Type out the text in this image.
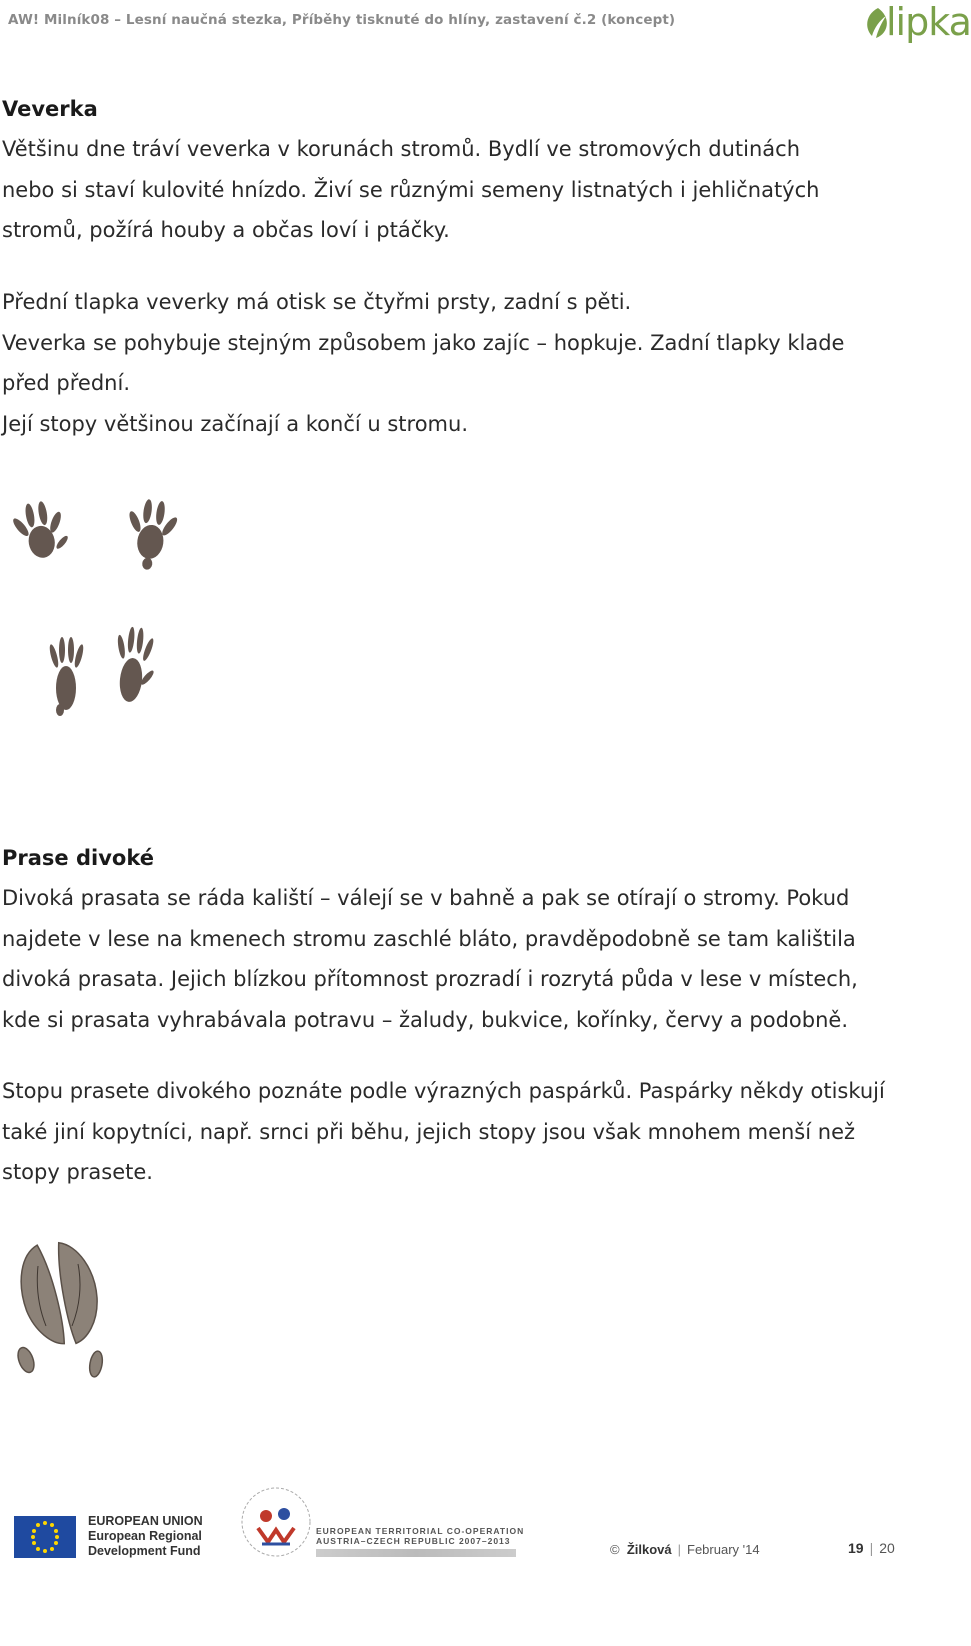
AW! Milník08 – Lesní naučná stezka, Příběhy tisknuté do hlíny, zastavení č.2 (koncept)	lipka
Veverka

Většinu dne tráví veverka v korunách stromů. Bydlí ve stromových dutinách

nebo si staví kulovité hnízdo. Živí se různými semeny listnatých i jehličnatých

stromů, požírá houby a občas loví i ptáčky.

Přední tlapka veverky má otisk se čtyřmi prsty, zadní s pěti.

Veverka se pohybuje stejným způsobem jako zajíc – hopkuje. Zadní tlapky klade

před přední.

Její stopy většinou začínají a končí u stromu.

Prase divoké

Divoká prasata se ráda kaliští – válejí se v bahně a pak se otírají o stromy. Pokud

najdete v lese na kmenech stromu zaschlé bláto, pravděpodobně se tam kalištila

divoká prasata. Jejich blízkou přítomnost prozradí i rozrytá půda v lese v místech,

kde si prasata vyhrabávala potravu – žaludy, bukvice, kořínky, červy a podobně.

Stopu prasete divokého poznáte podle výrazných paspárků. Paspárky někdy otiskují

také jiní kopytníci, např. srnci při běhu, jejich stopy jsou však mnohem menší než

stopy prasete.

EUROPEAN UNION
European Regional
Development Fund
EUROPEAN TERRITORIAL CO-OPERATION
AUSTRIA–CZECH REPUBLIC 2007–2013
© Žilková | February '14	19 | 20
